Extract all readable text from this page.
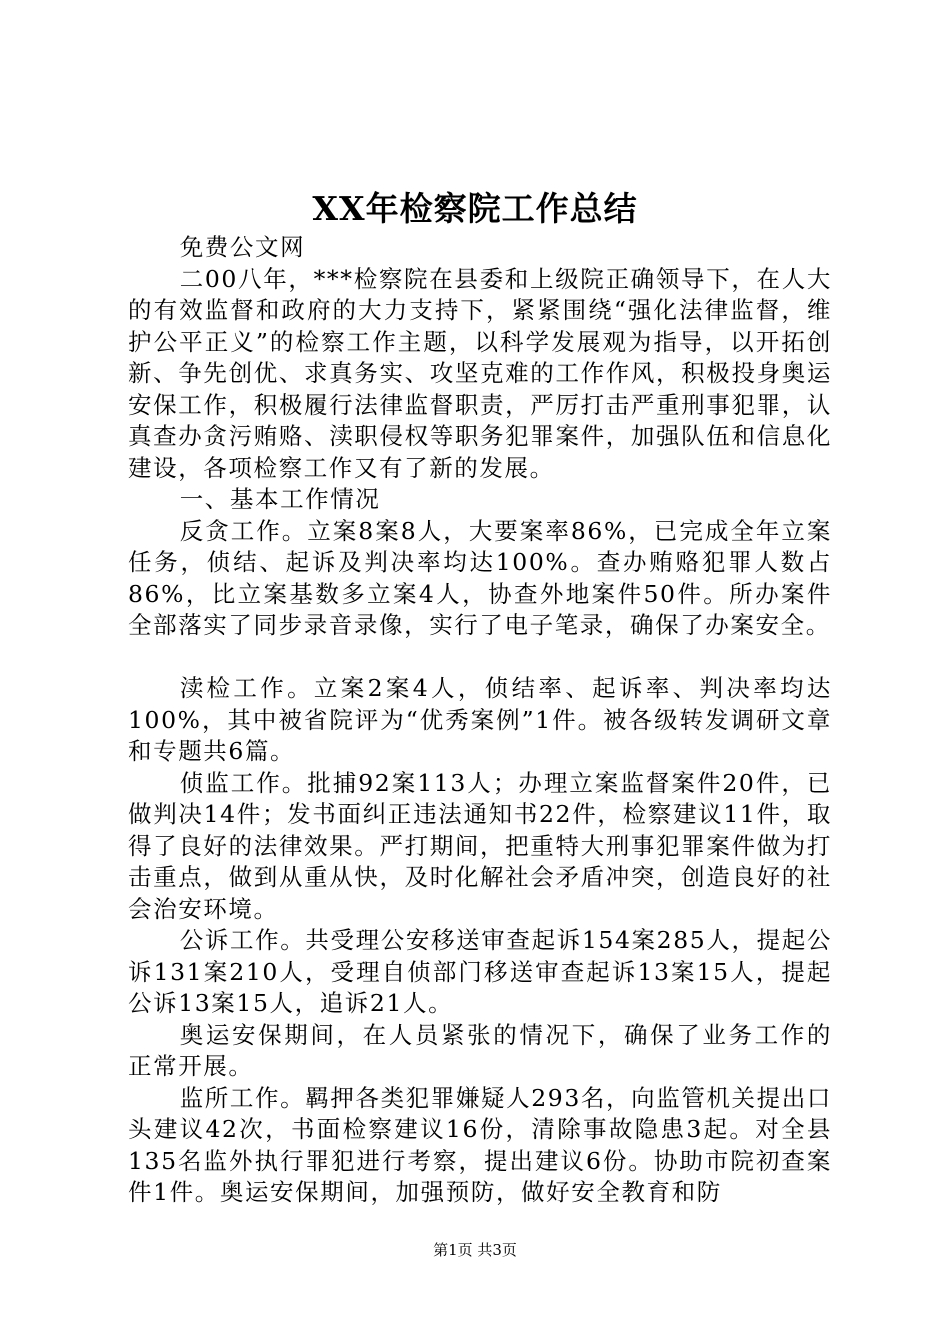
XX年检察院工作总结

免费公文网

二00八年，***检察院在县委和上级院正确领导下，在人大的有效监督和政府的大力支持下，紧紧围绕“强化法律监督，维护公平正义”的检察工作主题，以科学发展观为指导，以开拓创新、争先创优、求真务实、攻坚克难的工作作风，积极投身奥运安保工作，积极履行法律监督职责，严厉打击严重刑事犯罪，认真查办贪污贿赂、渎职侵权等职务犯罪案件，加强队伍和信息化建设，各项检察工作又有了新的发展。

一、基本工作情况

反贪工作。立案8案8人，大要案率86%，已完成全年立案任务，侦结、起诉及判决率均达100%。查办贿赂犯罪人数占86%，比立案基数多立案4人，协查外地案件50件。所办案件全部落实了同步录音录像，实行了电子笔录，确保了办案安全。

渎检工作。立案2案4人，侦结率、起诉率、判决率均达100%，其中被省院评为“优秀案例”1件。被各级转发调研文章和专题共6篇。

侦监工作。批捕92案113人；办理立案监督案件20件，已做判决14件；发书面纠正违法通知书22件，检察建议11件，取得了良好的法律效果。严打期间，把重特大刑事犯罪案件做为打击重点，做到从重从快，及时化解社会矛盾冲突，创造良好的社会治安环境。

公诉工作。共受理公安移送审查起诉154案285人，提起公诉131案210人，受理自侦部门移送审查起诉13案15人，提起公诉13案15人，追诉21人。

奥运安保期间，在人员紧张的情况下，确保了业务工作的正常开展。

监所工作。羁押各类犯罪嫌疑人293名，向监管机关提出口头建议42次，书面检察建议16份，清除事故隐患3起。对全县135名监外执行罪犯进行考察，提出建议6份。协助市院初查案件1件。奥运安保期间，加强预防，做好安全教育和防

第1页 共3页
